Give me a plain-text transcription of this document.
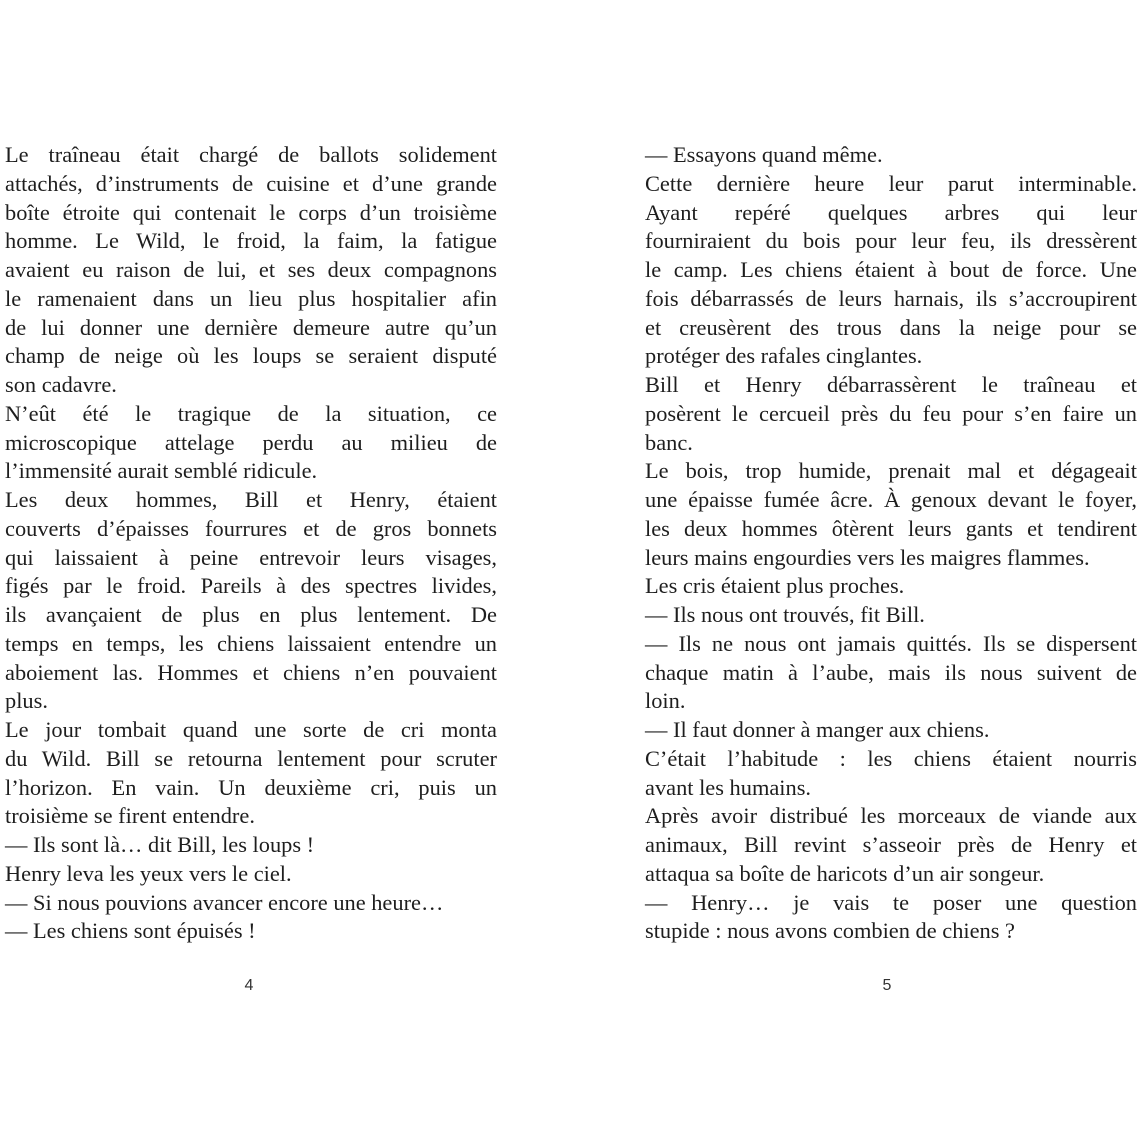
Le traîneau était chargé de ballots solidement
attachés, d’instruments de cuisine et d’une grande
boîte étroite qui contenait le corps d’un troisième
homme. Le Wild, le froid, la faim, la fatigue
avaient eu raison de lui, et ses deux compagnons
le ramenaient dans un lieu plus hospitalier afin
de lui donner une dernière demeure autre qu’un
champ de neige où les loups se seraient disputé
son cadavre.
N’eût été le tragique de la situation, ce
microscopique attelage perdu au milieu de
l’immensité aurait semblé ridicule.
Les deux hommes, Bill et Henry, étaient
couverts d’épaisses fourrures et de gros bonnets
qui laissaient à peine entrevoir leurs visages,
figés par le froid. Pareils à des spectres livides,
ils avançaient de plus en plus lentement. De
temps en temps, les chiens laissaient entendre un
aboiement las. Hommes et chiens n’en pouvaient
plus.
Le jour tombait quand une sorte de cri monta
du Wild. Bill se retourna lentement pour scruter
l’horizon. En vain. Un deuxième cri, puis un
troisième se firent entendre.
— Ils sont là… dit Bill, les loups !
Henry leva les yeux vers le ciel.
— Si nous pouvions avancer encore une heure…
— Les chiens sont épuisés !
4
— Essayons quand même.
Cette dernière heure leur parut interminable.
Ayant repéré quelques arbres qui leur
fourniraient du bois pour leur feu, ils dressèrent
le camp. Les chiens étaient à bout de force. Une
fois débarrassés de leurs harnais, ils s’accroupirent
et creusèrent des trous dans la neige pour se
protéger des rafales cinglantes.
Bill et Henry débarrassèrent le traîneau et
posèrent le cercueil près du feu pour s’en faire un
banc.
Le bois, trop humide, prenait mal et dégageait
une épaisse fumée âcre. À genoux devant le foyer,
les deux hommes ôtèrent leurs gants et tendirent
leurs mains engourdies vers les maigres flammes.
Les cris étaient plus proches.
— Ils nous ont trouvés, fit Bill.
— Ils ne nous ont jamais quittés. Ils se dispersent
chaque matin à l’aube, mais ils nous suivent de
loin.
— Il faut donner à manger aux chiens.
C’était l’habitude : les chiens étaient nourris
avant les humains.
Après avoir distribué les morceaux de viande aux
animaux, Bill revint s’asseoir près de Henry et
attaqua sa boîte de haricots d’un air songeur.
— Henry… je vais te poser une question
stupide : nous avons combien de chiens ?
5
